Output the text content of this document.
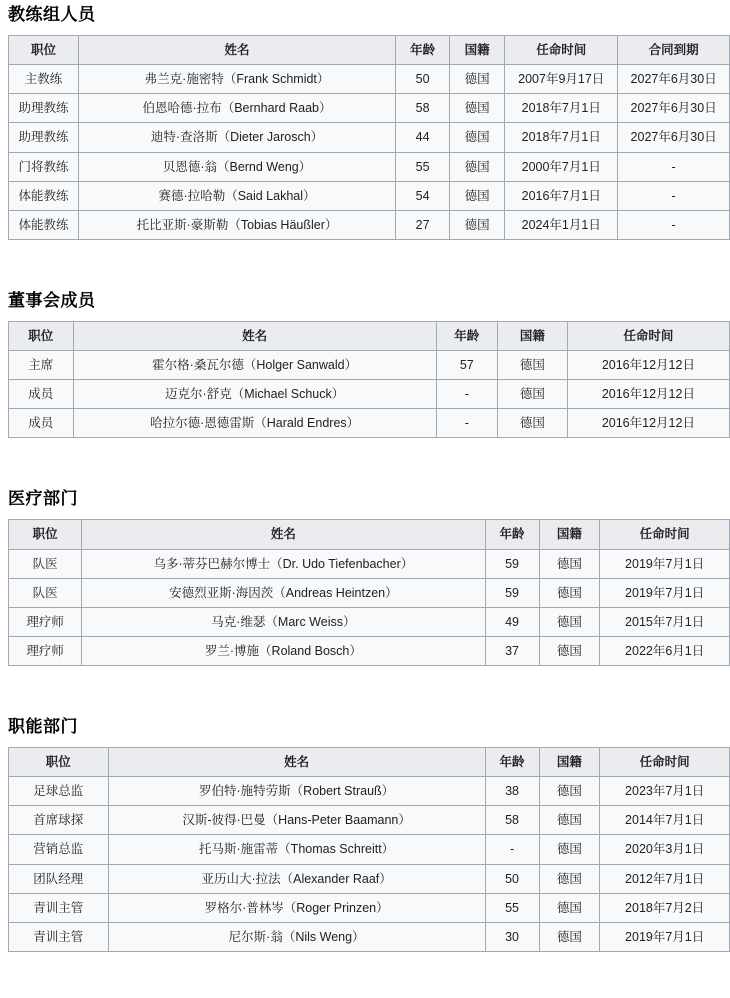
教练组人员
职位	姓名	年龄	国籍	任命时间	合同到期
主教练	弗兰克·施密特（Frank Schmidt）	50	德国	2007年9月17日	2027年6月30日
助理教练	伯恩哈德·拉布（Bernhard Raab）	58	德国	2018年7月1日	2027年6月30日
助理教练	迪特·查洛斯（Dieter Jarosch）	44	德国	2018年7月1日	2027年6月30日
门将教练	贝恩德·翁（Bernd Weng）	55	德国	2000年7月1日	-
体能教练	赛德·拉哈勒（Said Lakhal）	54	德国	2016年7月1日	-
体能教练	托比亚斯·豪斯勒（Tobias Häußler）	27	德国	2024年1月1日	-
董事会成员
职位	姓名	年龄	国籍	任命时间
主席	霍尔格·桑瓦尔德（Holger Sanwald）	57	德国	2016年12月12日
成员	迈克尔·舒克（Michael Schuck）	-	德国	2016年12月12日
成员	哈拉尔德·恩德雷斯（Harald Endres）	-	德国	2016年12月12日
医疗部门
职位	姓名	年龄	国籍	任命时间
队医	乌多·蒂芬巴赫尔博士（Dr. Udo Tiefenbacher）	59	德国	2019年7月1日
队医	安德烈亚斯·海因茨（Andreas Heintzen）	59	德国	2019年7月1日
理疗师	马克·维瑟（Marc Weiss）	49	德国	2015年7月1日
理疗师	罗兰·博施（Roland Bosch）	37	德国	2022年6月1日
职能部门
职位	姓名	年龄	国籍	任命时间
足球总监	罗伯特·施特劳斯（Robert Strauß）	38	德国	2023年7月1日
首席球探	汉斯-彼得·巴曼（Hans-Peter Baamann）	58	德国	2014年7月1日
营销总监	托马斯·施雷蒂（Thomas Schreitt）	-	德国	2020年3月1日
团队经理	亚历山大·拉法（Alexander Raaf）	50	德国	2012年7月1日
青训主管	罗格尔·普林岑（Roger Prinzen）	55	德国	2018年7月2日
青训主管	尼尔斯·翁（Nils Weng）	30	德国	2019年7月1日
